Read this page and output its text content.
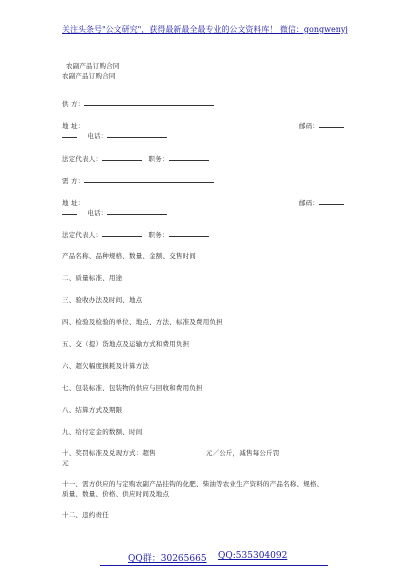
关注头条号"公文研究"，获得最新最全最专业的公文资料库！ 微信：gongwenyj
农副产品订购合同
农副产品订购合同
供 方：
地 址：	邮码：
电话：
法定代表人：	职务：
需 方：
地 址：	邮码：
电话：
法定代表人：	职务：
产品名称、品种规格、数量、金额、交售时间
二、质量标准、用途
三、验收办法及时间、地点
四、检验及检验的单位、地点、方法、标准及费用负担
五、交（提）货地点及运输方式和费用负担
六、超欠幅度损耗及计算方法
七、包装标准、包装物的供应与回收和费用负担
八、结算方式及期限
九、给付定金的数额、时间
十、奖罚标准及兑现方式：超售	元／公斤，减售每公斤罚
元
十一、需方供应的与定购农副产品挂钩的化肥、柴油等农业生产资料的产品名称、规格、
质量、数量、价格、供应时间及地点
十二、违约责任
QQ群：30265665 QQ:535304092
